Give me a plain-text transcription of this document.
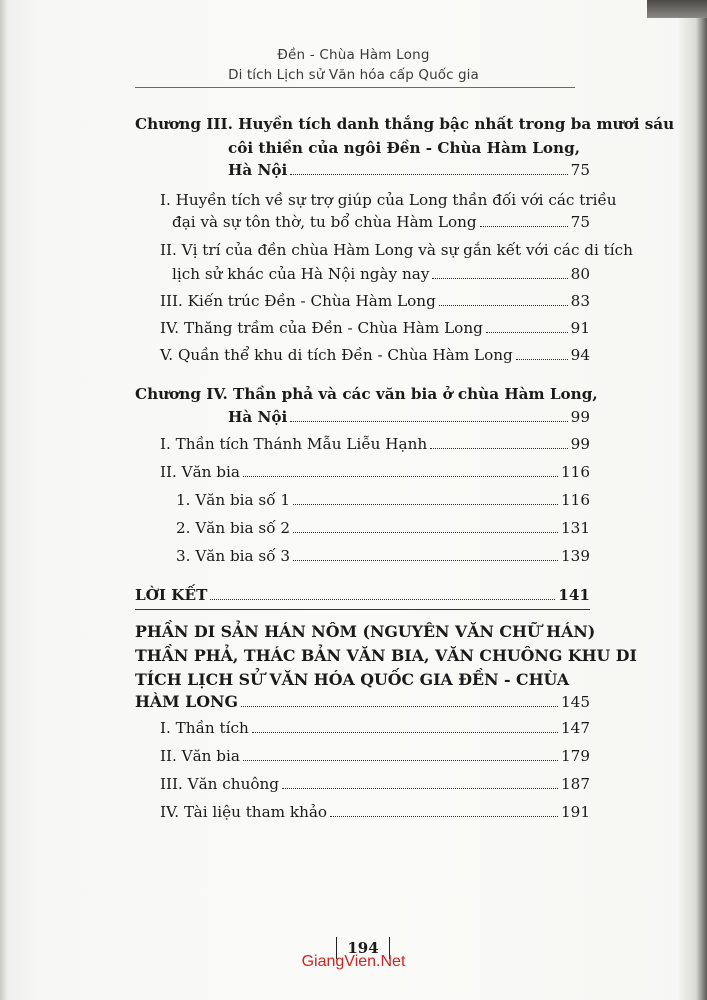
Đền - Chùa Hàm Long
Di tích Lịch sử Văn hóa cấp Quốc gia
Chương III. Huyền tích danh thắng bậc nhất trong ba mươi sáu
côi thiền của ngôi Đền - Chùa Hàm Long,
Hà Nội	75
I. Huyền tích về sự trợ giúp của Long thần đối với các triều
đại và sự tôn thờ, tu bổ chùa Hàm Long	75
II. Vị trí của đền chùa Hàm Long và sự gắn kết với các di tích
lịch sử khác của Hà Nội ngày nay	80
III. Kiến trúc Đền - Chùa Hàm Long	83
IV. Thăng trầm của Đền - Chùa Hàm Long	91
V. Quần thể khu di tích Đền - Chùa Hàm Long	94
Chương IV. Thần phả và các văn bia ở chùa Hàm Long,
Hà Nội	99
I. Thần tích Thánh Mẫu Liễu Hạnh	99
II. Văn bia	116
1. Văn bia số 1	116
2. Văn bia số 2	131
3. Văn bia số 3	139
LỜI KẾT	141
PHẦN DI SẢN HÁN NÔM (NGUYÊN VĂN CHỮ HÁN)
THẦN PHẢ, THÁC BẢN VĂN BIA, VĂN CHUÔNG KHU DI
TÍCH LỊCH SỬ VĂN HÓA QUỐC GIA ĐỀN - CHÙA
HÀM LONG	145
I. Thần tích	147
II. Văn bia	179
III. Văn chuông	187
IV. Tài liệu tham khảo	191
194
GiangVien.Net
